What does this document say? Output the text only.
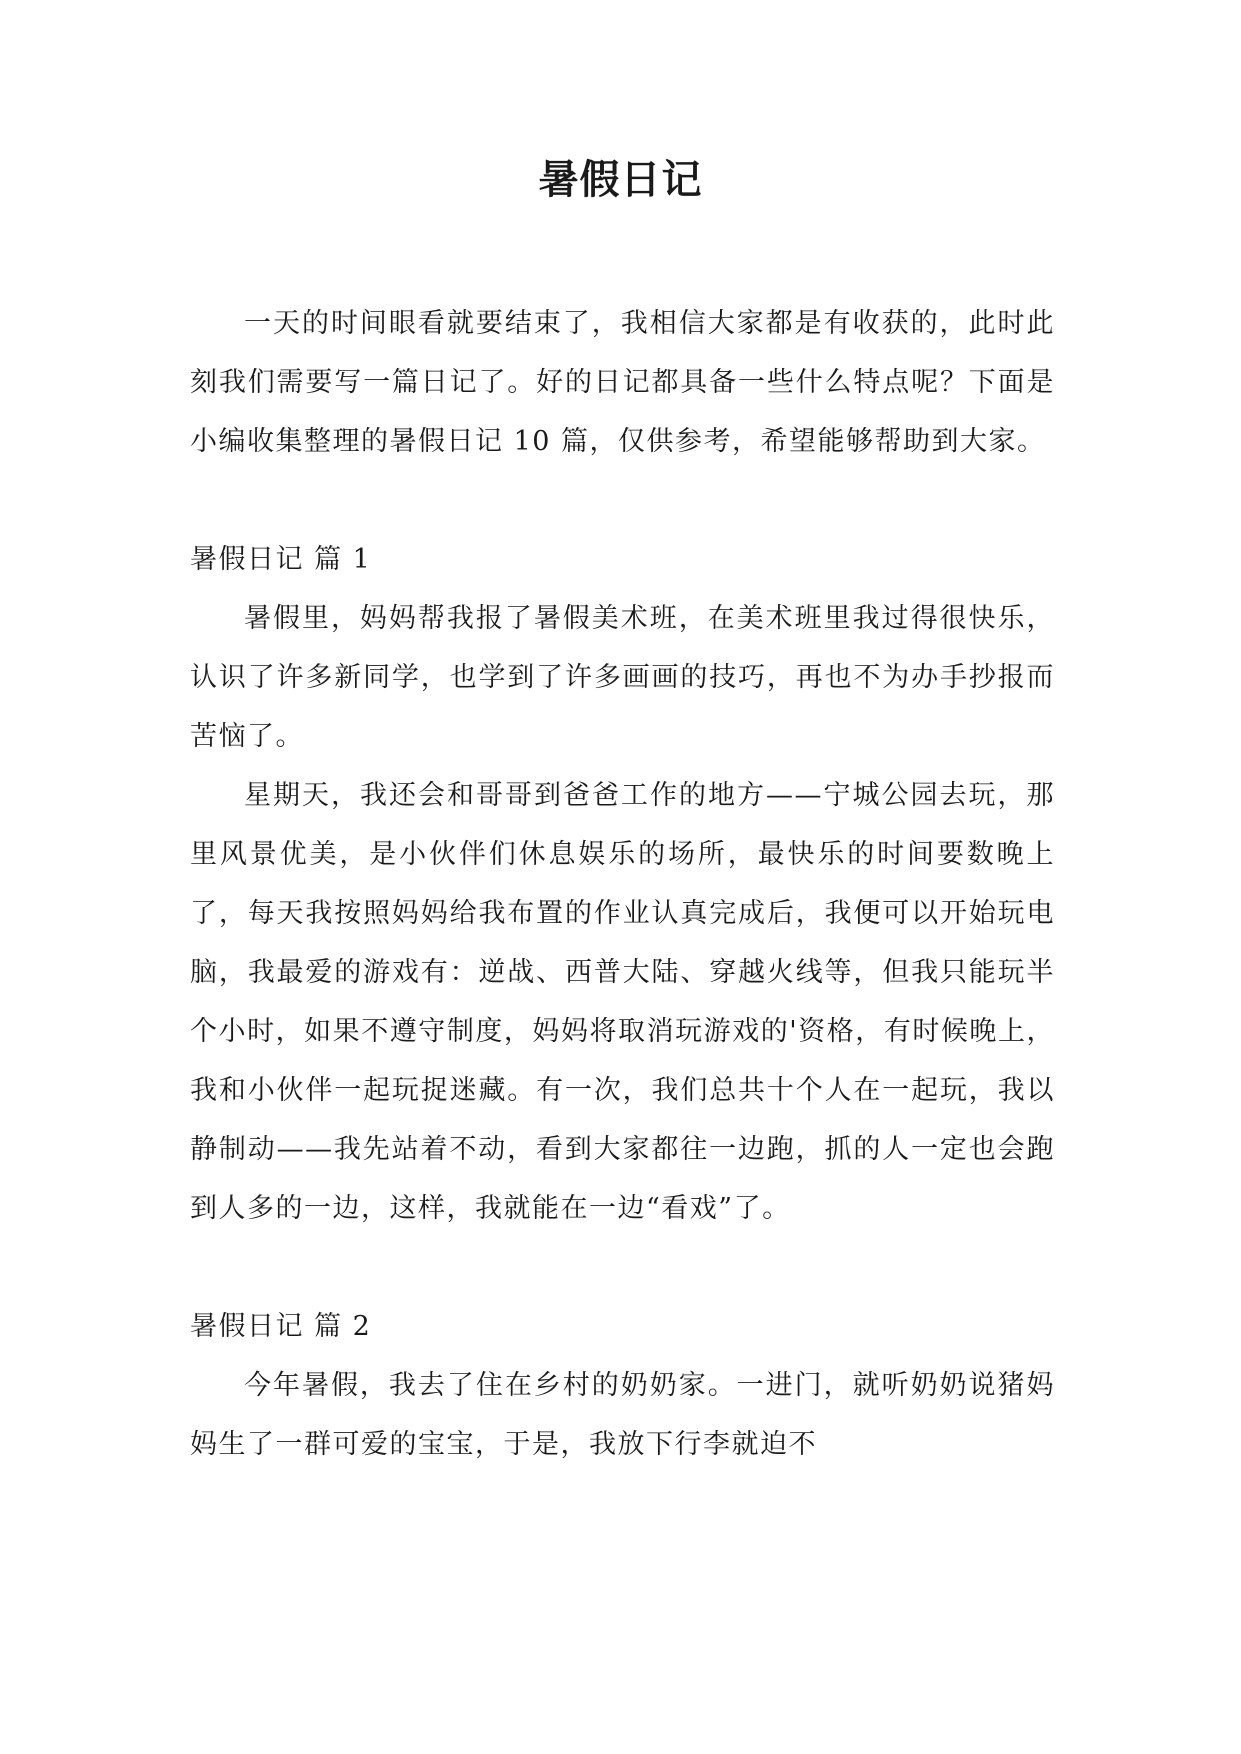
暑假日记

一天的时间眼看就要结束了，我相信大家都是有收获的，此时此刻我们需要写一篇日记了。好的日记都具备一些什么特点呢？下面是小编收集整理的暑假日记 10 篇，仅供参考，希望能够帮助到大家。

暑假日记 篇 1

暑假里，妈妈帮我报了暑假美术班，在美术班里我过得很快乐，认识了许多新同学，也学到了许多画画的技巧，再也不为办手抄报而苦恼了。

星期天，我还会和哥哥到爸爸工作的地方——宁城公园去玩，那里风景优美，是小伙伴们休息娱乐的场所，最快乐的时间要数晚上了，每天我按照妈妈给我布置的作业认真完成后，我便可以开始玩电脑，我最爱的游戏有：逆战、西普大陆、穿越火线等，但我只能玩半个小时，如果不遵守制度，妈妈将取消玩游戏的'资格，有时候晚上，我和小伙伴一起玩捉迷藏。有一次，我们总共十个人在一起玩，我以静制动——我先站着不动，看到大家都往一边跑，抓的人一定也会跑到人多的一边，这样，我就能在一边“看戏”了。

暑假日记 篇 2

今年暑假，我去了住在乡村的奶奶家。一进门，就听奶奶说猪妈妈生了一群可爱的宝宝，于是，我放下行李就迫不
